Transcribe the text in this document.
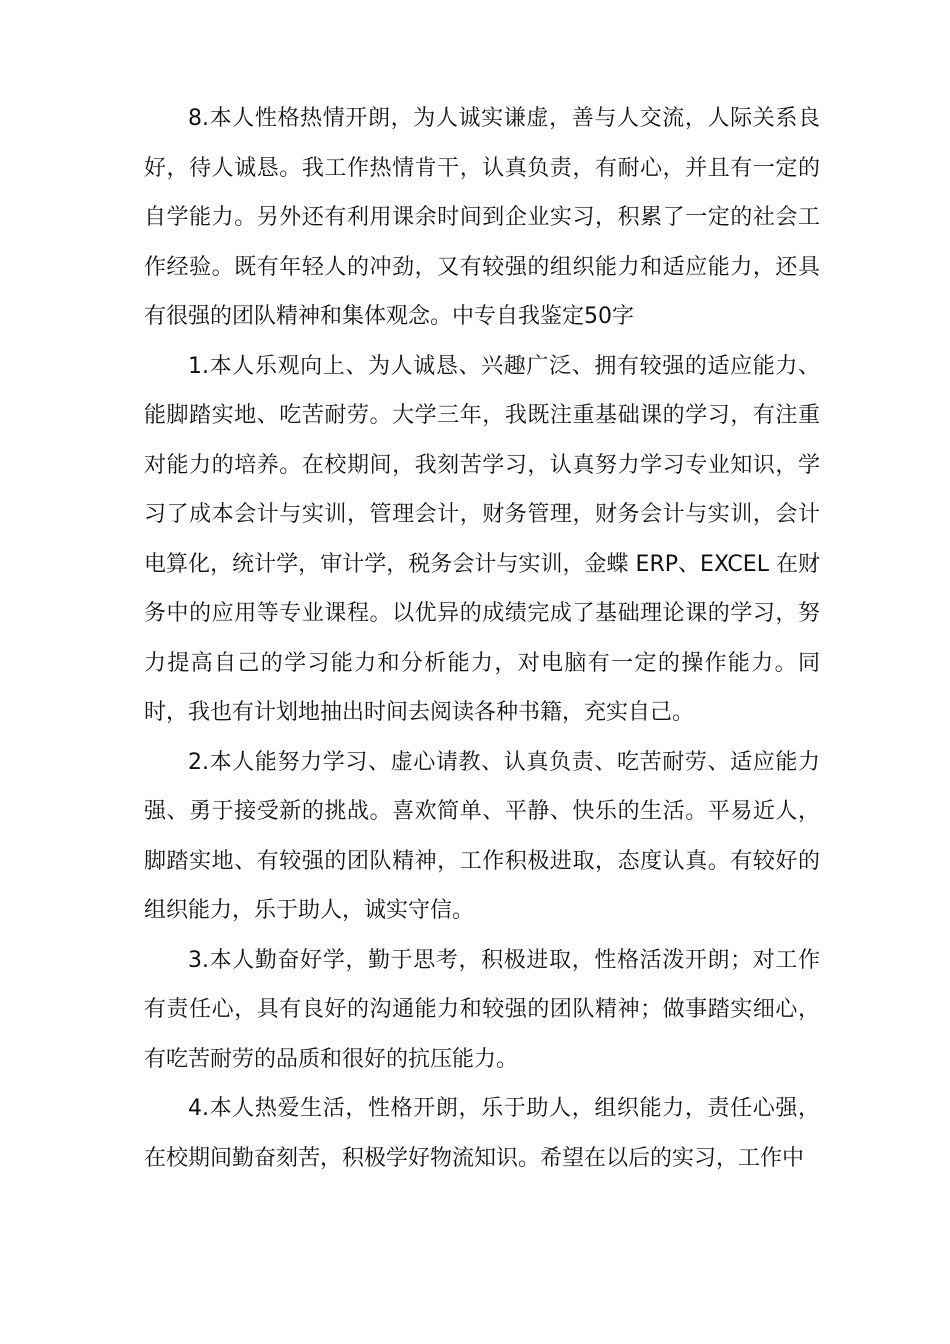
8.本人性格热情开朗，为人诚实谦虚，善与人交流，人际关系良好，待人诚恳。我工作热情肯干，认真负责，有耐心，并且有一定的自学能力。另外还有利用课余时间到企业实习，积累了一定的社会工作经验。既有年轻人的冲劲，又有较强的组织能力和适应能力，还具有很强的团队精神和集体观念。中专自我鉴定50字

1.本人乐观向上、为人诚恳、兴趣广泛、拥有较强的适应能力、能脚踏实地、吃苦耐劳。大学三年，我既注重基础课的学习，有注重对能力的培养。在校期间，我刻苦学习，认真努力学习专业知识，学习了成本会计与实训，管理会计，财务管理，财务会计与实训，会计电算化，统计学，审计学，税务会计与实训，金蝶 ERP、EXCEL 在财务中的应用等专业课程。以优异的成绩完成了基础理论课的学习，努力提高自己的学习能力和分析能力，对电脑有一定的操作能力。同时，我也有计划地抽出时间去阅读各种书籍，充实自己。

2.本人能努力学习、虚心请教、认真负责、吃苦耐劳、适应能力强、勇于接受新的挑战。喜欢简单、平静、快乐的生活。平易近人，脚踏实地、有较强的团队精神，工作积极进取，态度认真。有较好的组织能力，乐于助人，诚实守信。

3.本人勤奋好学，勤于思考，积极进取，性格活泼开朗；对工作有责任心，具有良好的沟通能力和较强的团队精神；做事踏实细心，有吃苦耐劳的品质和很好的抗压能力。

4.本人热爱生活，性格开朗，乐于助人，组织能力，责任心强，在校期间勤奋刻苦，积极学好物流知识。希望在以后的实习，工作中
